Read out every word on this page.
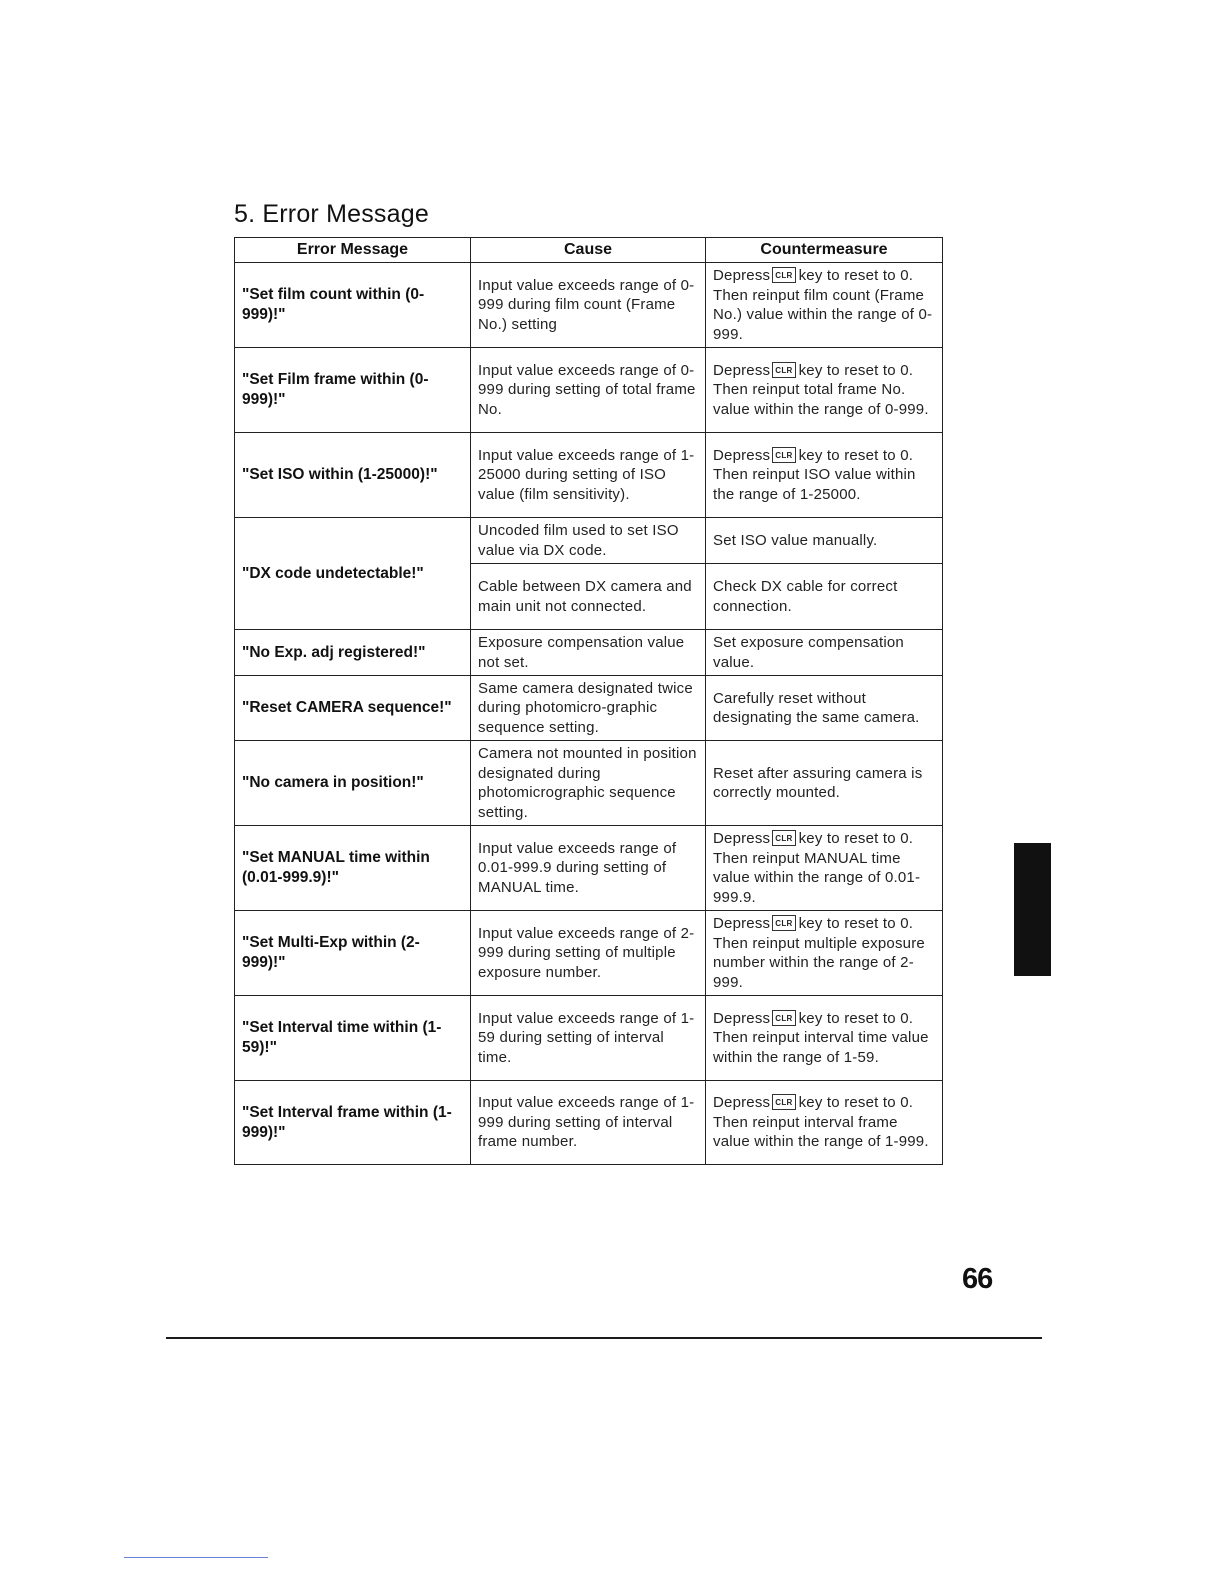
5. Error Message
Error Message	Cause	Countermeasure
"Set film count within (0-999)!"	Input value exceeds range of 0-999 during film count (Frame No.) setting	Depress CLR key to reset to 0. Then reinput film count (Frame No.) value within the range of 0-999.
"Set Film frame within (0-999)!"	Input value exceeds range of 0-999 during setting of total frame No.	Depress CLR key to reset to 0. Then reinput total frame No. value within the range of 0-999.
"Set ISO within (1-25000)!"	Input value exceeds range of 1-25000 during setting of ISO value (film sensitivity).	Depress CLR key to reset to 0. Then reinput ISO value within the range of 1-25000.
"DX code undetectable!"	Uncoded film used to set ISO value via DX code.	Set ISO value manually.
	Cable between DX camera and main unit not connected.	Check DX cable for correct connection.
"No Exp. adj registered!"	Exposure compensation value not set.	Set exposure compensation value.
"Reset CAMERA sequence!"	Same camera designated twice during photomicro-graphic sequence setting.	Carefully reset without designating the same camera.
"No camera in position!"	Camera not mounted in position designated during photomicrographic sequence setting.	Reset after assuring camera is correctly mounted.
"Set MANUAL time within (0.01-999.9)!"	Input value exceeds range of 0.01-999.9 during setting of MANUAL time.	Depress CLR key to reset to 0. Then reinput MANUAL time value within the range of 0.01-999.9.
"Set Multi-Exp within (2-999)!"	Input value exceeds range of 2-999 during setting of multiple exposure number.	Depress CLR key to reset to 0. Then reinput multiple exposure number within the range of 2-999.
"Set Interval time within (1-59)!"	Input value exceeds range of 1-59 during setting of interval time.	Depress CLR key to reset to 0. Then reinput interval time value within the range of 1-59.
"Set Interval frame within (1-999)!"	Input value exceeds range of 1-999 during setting of interval frame number.	Depress CLR key to reset to 0. Then reinput interval frame value within the range of 1-999.
66
